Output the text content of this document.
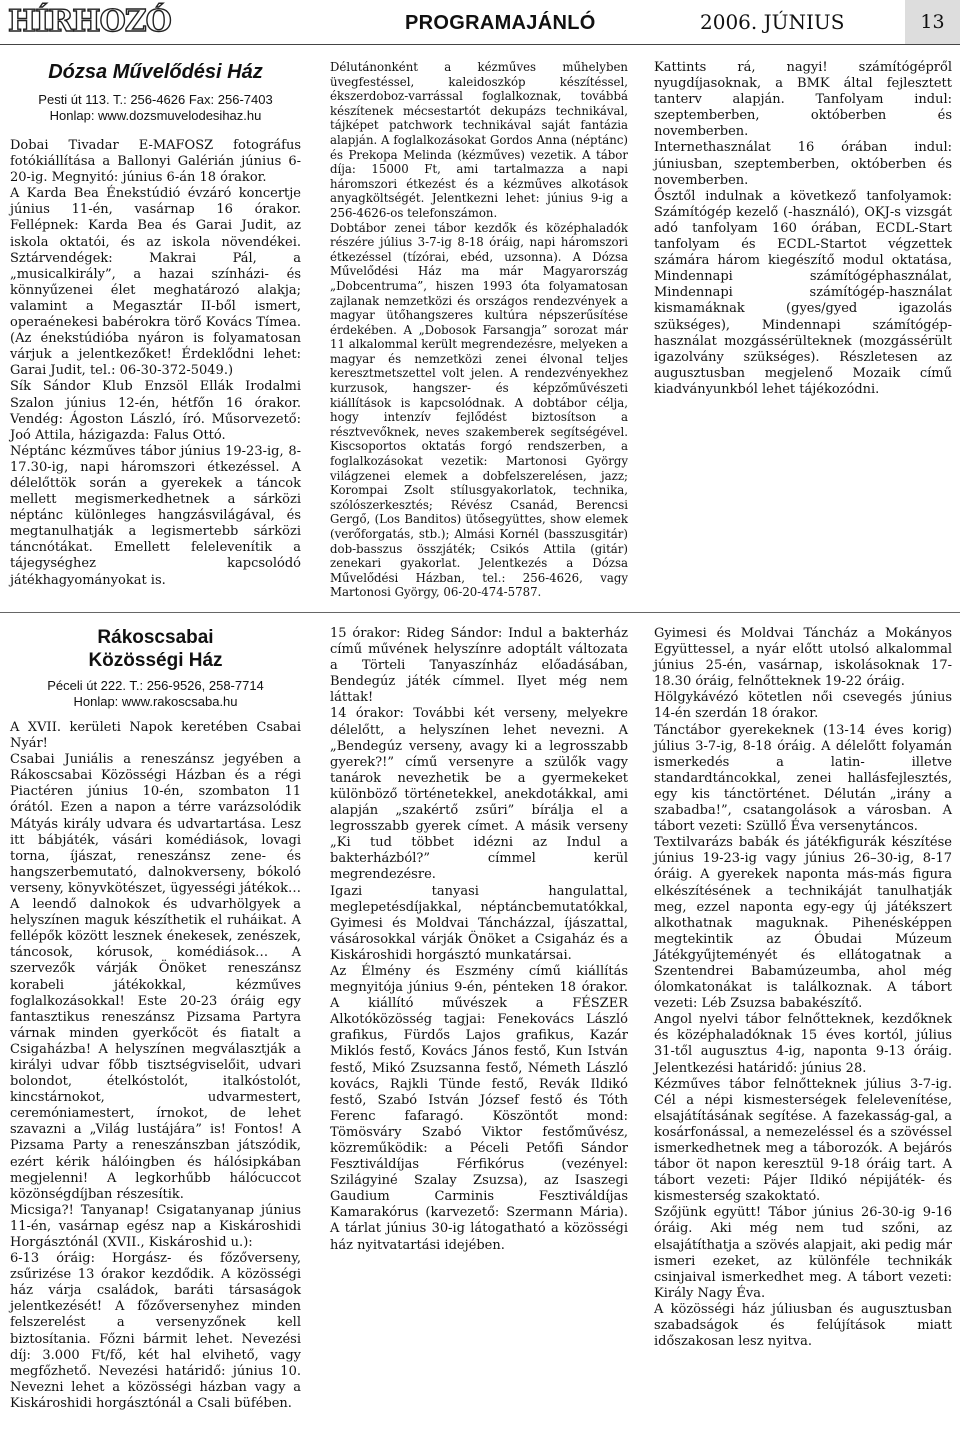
HÍRHOZÓ	PROGRAMAJÁNLÓ	2006. JÚNIUS	13
Dózsa Művelődési Ház
Pesti út 113. T.: 256-4626 Fax: 256-7403
Honlap: www.dozsmuvelodesihaz.hu

Dobai Tivadar E-MAFOSZ fotográfus fotókiállítása a Ballonyi Galérián június 6-20-ig. Megnyitó: június 6-án 18 órakor.

A Karda Bea Énekstúdió évzáró koncertje június 11-én, vasárnap 16 órakor. Fellépnek: Karda Bea és Garai Judit, az iskola oktatói, és az iskola növendékei. Sztárvendégek: Makrai Pál, a „musicalkirály”, a hazai színházi- és könnyűzenei élet meghatározó alakja; valamint a Megasztár II-ből ismert, operaénekesi babérokra törő Kovács Tímea. (Az énekstúdióba nyáron is folyamatosan várjuk a jelentkezőket! Érdeklődni lehet: Garai Judit, tel.: 06-30-372-5049.)

Sík Sándor Klub Enzsöl Ellák Irodalmi Szalon június 12-én, hétfőn 16 órakor. Vendég: Ágoston László, író. Műsorvezető: Joó Attila, házigazda: Falus Ottó.

Néptánc kézműves tábor június 19-23-ig, 8-17.30-ig, napi háromszori étkezéssel. A délelőttök során a gyerekek a táncok mellett megismerkedhetnek a sárközi néptánc különleges hangzásvilágával, és megtanulhatják a legismertebb sárközi táncnótákat. Emellett felelevenítik a tájegységhez kapcsolódó játékhagyományokat is.

Délutánonként a kézműves műhelyben üvegfestéssel, kaleidoszkóp készítéssel, ékszerdoboz-varrással foglalkoznak, továbbá készítenek mécsestartót dekupázs technikával, tájképet patchwork technikával saját fantázia alapján. A foglalkozásokat Gordos Anna (néptánc) és Prekopa Melinda (kézműves) vezetik. A tábor díja: 15000 Ft, ami tartalmazza a napi háromszori étkezést és a kézműves alkotások anyagköltségét. Jelentkezni lehet: június 9-ig a 256-4626-os telefonszámon.

Dobtábor zenei tábor kezdők és középhaladók részére július 3-7-ig 8-18 óráig, napi háromszori étkezéssel (tízórai, ebéd, uzsonna). A Dózsa Művelődési Ház ma már Magyarország „Dobcentruma”, hiszen 1993 óta folyamatosan zajlanak nemzetközi és országos rendezvények a magyar ütőhangszeres kultúra népszerűsítése érdekében. A „Dobosok Farsangja” sorozat már 11 alkalommal került megrendezésre, melyeken a magyar és nemzetközi zenei élvonal teljes keresztmetszettel volt jelen. A rendezvényekhez kurzusok, hangszer- és képzőművészeti kiállítások is kapcsolódnak. A dobtábor célja, hogy intenzív fejlődést biztosítson a résztvevőknek, neves szakemberek segítségével. Kiscsoportos oktatás forgó rendszerben, a foglalkozásokat vezetik: Martonosi György világzenei elemek a dobfelszerelésen, jazz; Korompai Zsolt stílusgyakorlatok, technika, szólószerkesztés; Révész Csanád, Berencsi Gergő, (Los Banditos) ütősegyüttes, show elemek (verőforgatás, stb.); Almási Kornél (basszusgitár) dob-basszus összjáték; Csikós Attila (gitár) zenekari gyakorlat. Jelentkezés a Dózsa Művelődési Házban, tel.: 256-4626, vagy Martonosi György, 06-20-474-5787.

Kattints rá, nagyi! számítógépről nyugdíjasoknak, a BMK által fejlesztett tanterv alapján. Tanfolyam indul: szeptemberben, októberben és novemberben.

Internethasználat 16 órában indul: júniusban, szeptemberben, októberben és novemberben.

Ősztől indulnak a következő tanfolyamok: Számítógép kezelő (-használó), OKJ-s vizsgát adó tanfolyam 160 órában, ECDL-Start tanfolyam és ECDL-Startot végzettek számára három kiegészítő modul oktatása, Mindennapi számítógéphasználat, Mindennapi számítógép-használat kismamáknak (gyes/gyed igazolás szükséges), Mindennapi számítógép-használat mozgássérülteknek (mozgássérült igazolvány szükséges). Részletesen az augusztusban megjelenő Mozaik című kiadványunkból lehet tájékozódni.

Rákoscsabai
Közösségi Ház
Péceli út 222. T.: 256-9526, 258-7714
Honlap: www.rakoscsaba.hu

A XVII. kerületi Napok keretében Csabai Nyár!

Csabai Juniális a reneszánsz jegyében a Rákoscsabai Közösségi Házban és a régi Piactéren június 10-én, szombaton 11 órától. Ezen a napon a térre varázsolódik Mátyás király udvara és udvartartása. Lesz itt bábjáték, vásári komédiások, lovagi torna, íjászat, reneszánsz zene- és hangszerbemutató, dalnokverseny, bókoló verseny, könyvkötészet, ügyességi játékok… A leendő dalnokok és udvarhölgyek a helyszínen maguk készíthetik el ruháikat. A fellépők között lesznek énekesek, zenészek, táncosok, kórusok, komédiások… A szervezők várják Önöket reneszánsz korabeli játékokkal, kézműves foglalkozásokkal! Este 20-23 óráig egy fantasztikus reneszánsz Pizsama Partyra várnak minden gyerkőcöt és fiatalt a Csigaházba! A helyszínen megválasztják a királyi udvar főbb tisztségviselőit, udvari bolondot, ételkóstolót, italkóstolót, kincstárnokot, udvarmestert, ceremóniamestert, írnokot, de lehet szavazni a „Világ lustájára” is! Fontos! A Pizsama Party a reneszánszban játszódik, ezért kérik hálóingben és hálósipkában megjelenni! A legkorhűbb hálócuccot közönségdíjban részesítik.

Micsiga?! Tanyanap! Csigatanyanap június 11-én, vasárnap egész nap a Kiskároshidi Horgásztónál (XVII., Kiskároshid u.):

6-13 óráig: Horgász- és főzőverseny, zsűrizése 13 órakor kezdődik. A közösségi ház várja családok, baráti társaságok jelentkezését! A főzőversenyhez minden felszerelést a versenyzőnek kell biztosítania. Főzni bármit lehet. Nevezési díj: 3.000 Ft/fő, két hal elvihető, vagy megfőzhető. Nevezési határidő: június 10. Nevezni lehet a közösségi házban vagy a Kiskároshidi horgásztónál a Csali büfében.

15 órakor: Rideg Sándor: Indul a bakterház című művének helyszínre adoptált változata a Törteli Tanyaszínház előadásában, Bendegúz játék címmel. Ilyet még nem láttak!

14 órakor: További két verseny, melyekre délelőtt, a helyszínen lehet nevezni. A „Bendegúz verseny, avagy ki a legrosszabb gyerek?!” című versenyre a szülők vagy tanárok nevezhetik be a gyermekeket különböző történetekkel, anekdotákkal, ami alapján „szakértő zsűri” bírálja el a legrosszabb gyerek címet. A másik verseny „Ki tud többet idézni az Indul a bakterházból?” címmel kerül megrendezésre.

Igazi tanyasi hangulattal, meglepetésdíjakkal, néptáncbemutatókkal, Gyimesi és Moldvai Táncházzal, íjászattal, vásárosokkal várják Önöket a Csigaház és a Kiskároshidi horgásztó munkatársai.

Az Élmény és Eszmény című kiállítás megnyitója június 9-én, pénteken 18 órakor. A kiállító művészek a FÉSZER Alkotóközösség tagjai: Fenekovács László grafikus, Fürdős Lajos grafikus, Kazár Miklós festő, Kovács János festő, Kun István festő, Mikó Zsuzsanna festő, Németh László kovács, Rajkli Tünde festő, Revák Ildikó festő, Szabó István József festő és Tóth Ferenc fafaragó. Köszöntőt mond: Tömösváry Szabó Viktor festőművész, közreműködik: a Péceli Petőfi Sándor Fesztiváldíjas Férfikórus (vezényel: Szilágyiné Szalay Zsuzsa), az Isaszegi Gaudium Carminis Fesztiváldíjas Kamarakórus (karvezető: Szermann Mária). A tárlat június 30-ig látogatható a közösségi ház nyitvatartási idejében.

Gyimesi és Moldvai Táncház a Mokányos Együttessel, a nyár előtt utolsó alkalommal június 25-én, vasárnap, iskolásoknak 17-18.30 óráig, felnőtteknek 19-22 óráig.

Hölgykávézó kötetlen női csevegés június 14-én szerdán 18 órakor.

Tánctábor gyerekeknek (13-14 éves korig) július 3-7-ig, 8-18 óráig. A délelőtt folyamán ismerkedés a latin- illetve standardtáncokkal, zenei hallásfejlesztés, egy kis tánctörténet. Délután „irány a szabadba!”, csatangolások a városban. A tábort vezeti: Szüllő Éva versenytáncos.

Textilvarázs babák és játékfigurák készítése június 19-23-ig vagy június 26–30-ig, 8-17 óráig. A gyerekek naponta más-más figura elkészítésének a technikáját tanulhatják meg, ezzel naponta egy-egy új játékszert alkothatnak maguknak. Pihenésképpen megtekintik az Óbudai Múzeum Játékgyűjteményét és ellátogatnak a Szentendrei Babamúzeumba, ahol még ólomkatonákat is találkoznak. A tábort vezeti: Léb Zsuzsa babakészítő.

Angol nyelvi tábor felnőtteknek, kezdőknek és középhaladóknak 15 éves kortól, július 31-től augusztus 4-ig, naponta 9-13 óráig. Jelentkezési határidő: június 28.

Kézműves tábor felnőtteknek július 3-7-ig. Cél a népi kismesterségek felelevenítése, elsajátításának segítése. A fazekasság-gal, a kosárfonással, a nemezeléssel és a szövéssel ismerkedhetnek meg a táborozók. A bejárós tábor öt napon keresztül 9-18 óráig tart. A tábort vezeti: Pájer Ildikó népijáték- és kismesterség szakoktató.

Szőjünk együtt! Tábor június 26-30-ig 9-16 óráig. Aki még nem tud szőni, az elsajátíthatja a szövés alapjait, aki pedig már ismeri ezeket, az különféle technikák csinjaival ismerkedhet meg. A tábort vezeti: Király Nagy Éva.

A közösségi ház júliusban és augusztusban szabadságok és felújítások miatt időszakosan lesz nyitva.
